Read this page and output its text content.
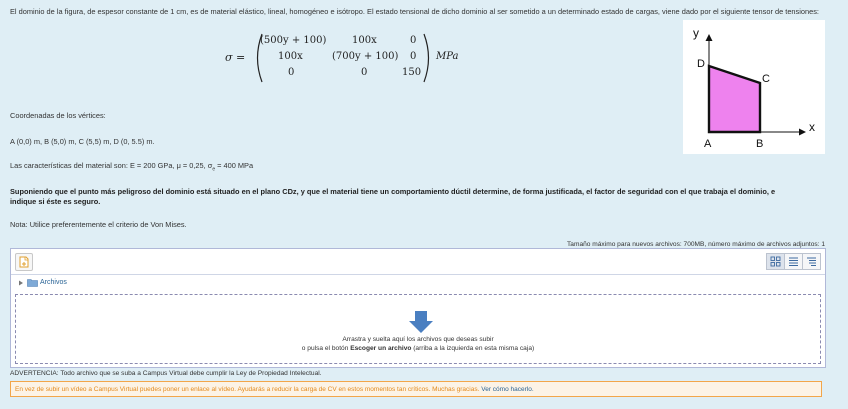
El dominio de la figura, de espesor constante de 1 cm, es de material elástico, lineal, homogéneo e isótropo. El estado tensional de dicho dominio al ser sometido a un determinado estado de cargas, viene dado por el siguiente tensor de tensiones:
σ =
(500y + 100)	100x	0
100x	(700y + 100) 0
0	0	150
MPa
y
x
D
C
A	B
Coordenadas de los vértices:
A (0,0) m, B (5,0) m, C (5,5) m, D (0, 5.5) m.
Las características del material son: E = 200 GPa, μ = 0,25, $\sigma_e = 400$ MPa
Suponiendo que el punto más peligroso del dominio está situado en el plano CDz, y que el material tiene un comportamiento dúctil determine, de forma justificada, el factor de seguridad con el que trabaja el dominio, e
indique si éste es seguro.
Nota: Utilice preferentemente el criterio de Von Mises.
Tamaño máximo para nuevos archivos: 700MB, número máximo de archivos adjuntos: 1
Archivos
Arrastra y suelta aquí los archivos que deseas subir
o pulsa el botón Escoger un archivo (arriba a la izquierda en esta misma caja)
ADVERTENCIA: Todo archivo que se suba a Campus Virtual debe cumplir la Ley de Propiedad Intelectual.
En vez de subir un vídeo a Campus Virtual puedes poner un enlace al vídeo. Ayudarás a reducir la carga de CV en estos momentos tan críticos. Muchas gracias. Ver cómo hacerlo.
